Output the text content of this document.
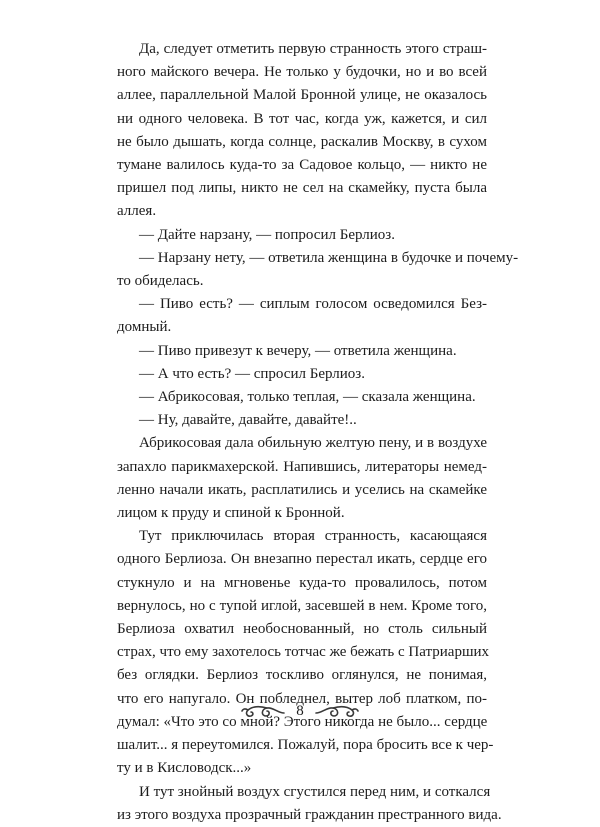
Да, следует отметить первую странность этого страш-
ного майского вечера. Не только у будочки, но и во всей
аллее, параллельной Малой Бронной улице, не оказалось
ни одного человека. В тот час, когда уж, кажется, и сил
не было дышать, когда солнце, раскалив Москву, в сухом
тумане валилось куда-то за Садовое кольцо, — никто не
пришел под липы, никто не сел на скамейку, пуста была
аллея.
— Дайте нарзану, — попросил Берлиоз.
— Нарзану нету, — ответила женщина в будочке и почему-
то обиделась.
— Пиво есть? — сиплым голосом осведомился Без-
домный.
— Пиво привезут к вечеру, — ответила женщина.
— А что есть? — спросил Берлиоз.
— Абрикосовая, только теплая, — сказала женщина.
— Ну, давайте, давайте, давайте!..
Абрикосовая дала обильную желтую пену, и в воздухе
запахло парикмахерской. Напившись, литераторы немед-
ленно начали икать, расплатились и уселись на скамейке
лицом к пруду и спиной к Бронной.
Тут приключилась вторая странность, касающаяся
одного Берлиоза. Он внезапно перестал икать, сердце его
стукнуло и на мгновенье куда-то провалилось, потом
вернулось, но с тупой иглой, засевшей в нем. Кроме того,
Берлиоза охватил необоснованный, но столь сильный
страх, что ему захотелось тотчас же бежать с Патриарших
без оглядки. Берлиоз тоскливо оглянулся, не понимая,
что его напугало. Он побледнел, вытер лоб платком, по-
думал: «Что это со мной? Этого никогда не было... сердце
шалит... я переутомился. Пожалуй, пора бросить все к чер-
ту и в Кисловодск...»
И тут знойный воздух сгустился перед ним, и соткался
из этого воздуха прозрачный гражданин престранного вида.
8
